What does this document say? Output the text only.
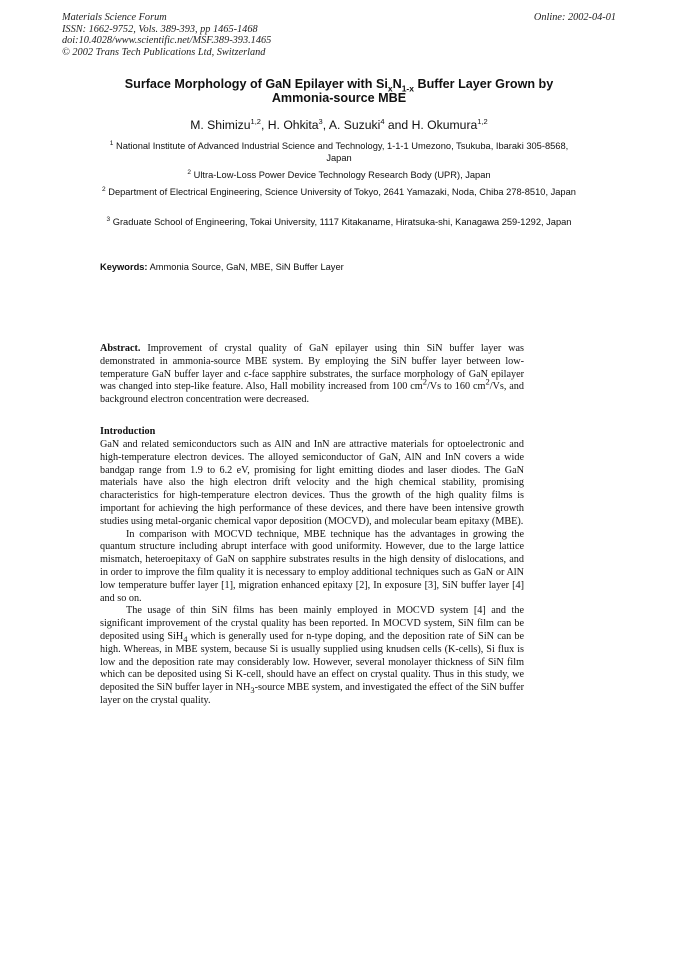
Materials Science Forum
ISSN: 1662-9752, Vols. 389-393, pp 1465-1468
doi:10.4028/www.scientific.net/MSF.389-393.1465
© 2002 Trans Tech Publications Ltd, Switzerland
Online: 2002-04-01
Surface Morphology of GaN Epilayer with $Si_xN_{1-x}$ Buffer Layer Grown by
Ammonia-source MBE
M. Shimizu$^{1,2}$, H. Ohkita$^3$, A. Suzuki$^4$ and H. Okumura$^{1,2}$
$^1$ National Institute of Advanced Industrial Science and Technology, 1-1-1 Umezono, Tsukuba, Ibaraki 305-8568, Japan
$^2$ Ultra-Low-Loss Power Device Technology Research Body (UPR), Japan
$^2$ Department of Electrical Engineering, Science University of Tokyo, 2641 Yamazaki, Noda, Chiba 278-8510, Japan
$^3$ Graduate School of Engineering, Tokai University, 1117 Kitakaname, Hiratsuka-shi, Kanagawa 259-1292, Japan
Keywords: Ammonia Source, GaN, MBE, SiN Buffer Layer
Abstract. Improvement of crystal quality of GaN epilayer using thin SiN buffer layer was demonstrated in ammonia-source MBE system. By employing the SiN buffer layer between low-temperature GaN buffer layer and c-face sapphire substrates, the surface morphology of GaN epilayer was changed into step-like feature. Also, Hall mobility increased from 100 $cm^2/Vs$ to 160 $cm^2/Vs$, and background electron concentration were decreased.
Introduction

GaN and related semiconductors such as AlN and InN are attractive materials for optoelectronic and high-temperature electron devices. The alloyed semiconductor of GaN, AlN and InN covers a wide bandgap range from 1.9 to 6.2 eV, promising for light emitting diodes and laser diodes. The GaN materials have also the high electron drift velocity and the high chemical stability, promising characteristics for high-temperature electron devices. Thus the growth of the high quality films is important for achieving the high performance of these devices, and there have been intensive growth studies using metal-organic chemical vapor deposition (MOCVD), and molecular beam epitaxy (MBE).

In comparison with MOCVD technique, MBE technique has the advantages in growing the quantum structure including abrupt interface with good uniformity. However, due to the large lattice mismatch, heteroepitaxy of GaN on sapphire substrates results in the high density of dislocations, and in order to improve the film quality it is necessary to employ additional techniques such as GaN or AlN low temperature buffer layer [1], migration enhanced epitaxy [2], In exposure [3], SiN buffer layer [4] and so on.

The usage of thin SiN films has been mainly employed in MOCVD system [4] and the significant improvement of the crystal quality has been reported. In MOCVD system, SiN film can be deposited using SiH$_4$ which is generally used for n-type doping, and the deposition rate of SiN can be high. Whereas, in MBE system, because Si is usually supplied using knudsen cells (K-cells), Si flux is low and the deposition rate may considerably low. However, several monolayer thickness of SiN film which can be deposited using Si K-cell, should have an effect on crystal quality. Thus in this study, we deposited the SiN buffer layer in $NH_3$-source MBE system, and investigated the effect of the SiN buffer layer on the crystal quality.
